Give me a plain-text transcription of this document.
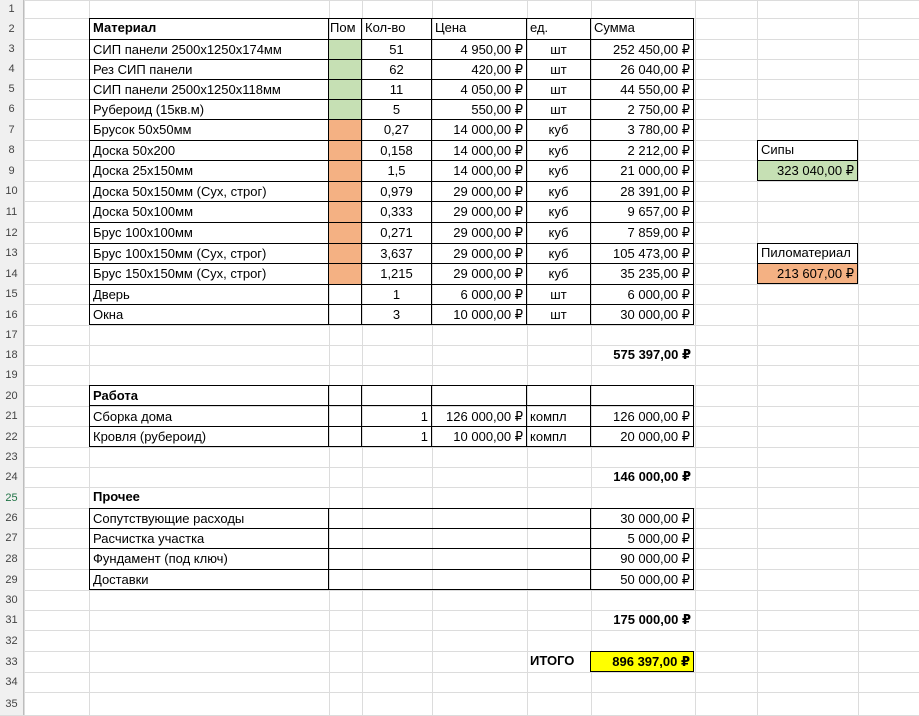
1
2
3
4
5
6
7
8
9
10
11
12
13
14
15
16
17
18
19
20
21
22
23
24
25
26
27
28
29
30
31
32
33
34
35
Материал	Пом Кол-во	Цена	ед.	Сумма
СИП панели 2500x1250x174мм	51	4 950,00 ₽	шт	252 450,00 ₽
Рез СИП панели	62	420,00 ₽	шт	26 040,00 ₽
СИП панели 2500x1250x118мм	11	4 050,00 ₽	шт	44 550,00 ₽
Рубероид (15кв.м)	5	550,00 ₽	шт	2 750,00 ₽
Брусок 50x50мм	0,27	14 000,00 ₽	куб	3 780,00 ₽
Доска 50x200	0,158	14 000,00 ₽	куб	2 212,00 ₽
Доска 25x150мм	1,5	14 000,00 ₽	куб	21 000,00 ₽
Доска 50x150мм (Сух, строг)	0,979	29 000,00 ₽	куб	28 391,00 ₽
Доска 50x100мм	0,333	29 000,00 ₽	куб	9 657,00 ₽
Брус 100x100мм	0,271	29 000,00 ₽	куб	7 859,00 ₽
Брус 100x150мм (Сух, строг)	3,637	29 000,00 ₽	куб	105 473,00 ₽
Брус 150x150мм (Сух, строг)	1,215	29 000,00 ₽	куб	35 235,00 ₽
Дверь	1	6 000,00 ₽	шт	6 000,00 ₽
Окна	3	10 000,00 ₽	шт	30 000,00 ₽
575 397,00 ₽
Сипы
323 040,00 ₽
Пиломатериал
213 607,00 ₽
Работа
Сборка дома	1	126 000,00 ₽ компл	126 000,00 ₽
Кровля (рубероид)	1	10 000,00 ₽ компл	20 000,00 ₽
146 000,00 ₽
Прочее
Сопутствующие расходы	30 000,00 ₽
Расчистка участка	5 000,00 ₽
Фундамент (под ключ)	90 000,00 ₽
Доставки	50 000,00 ₽
175 000,00 ₽
ИТОГО	896 397,00 ₽
